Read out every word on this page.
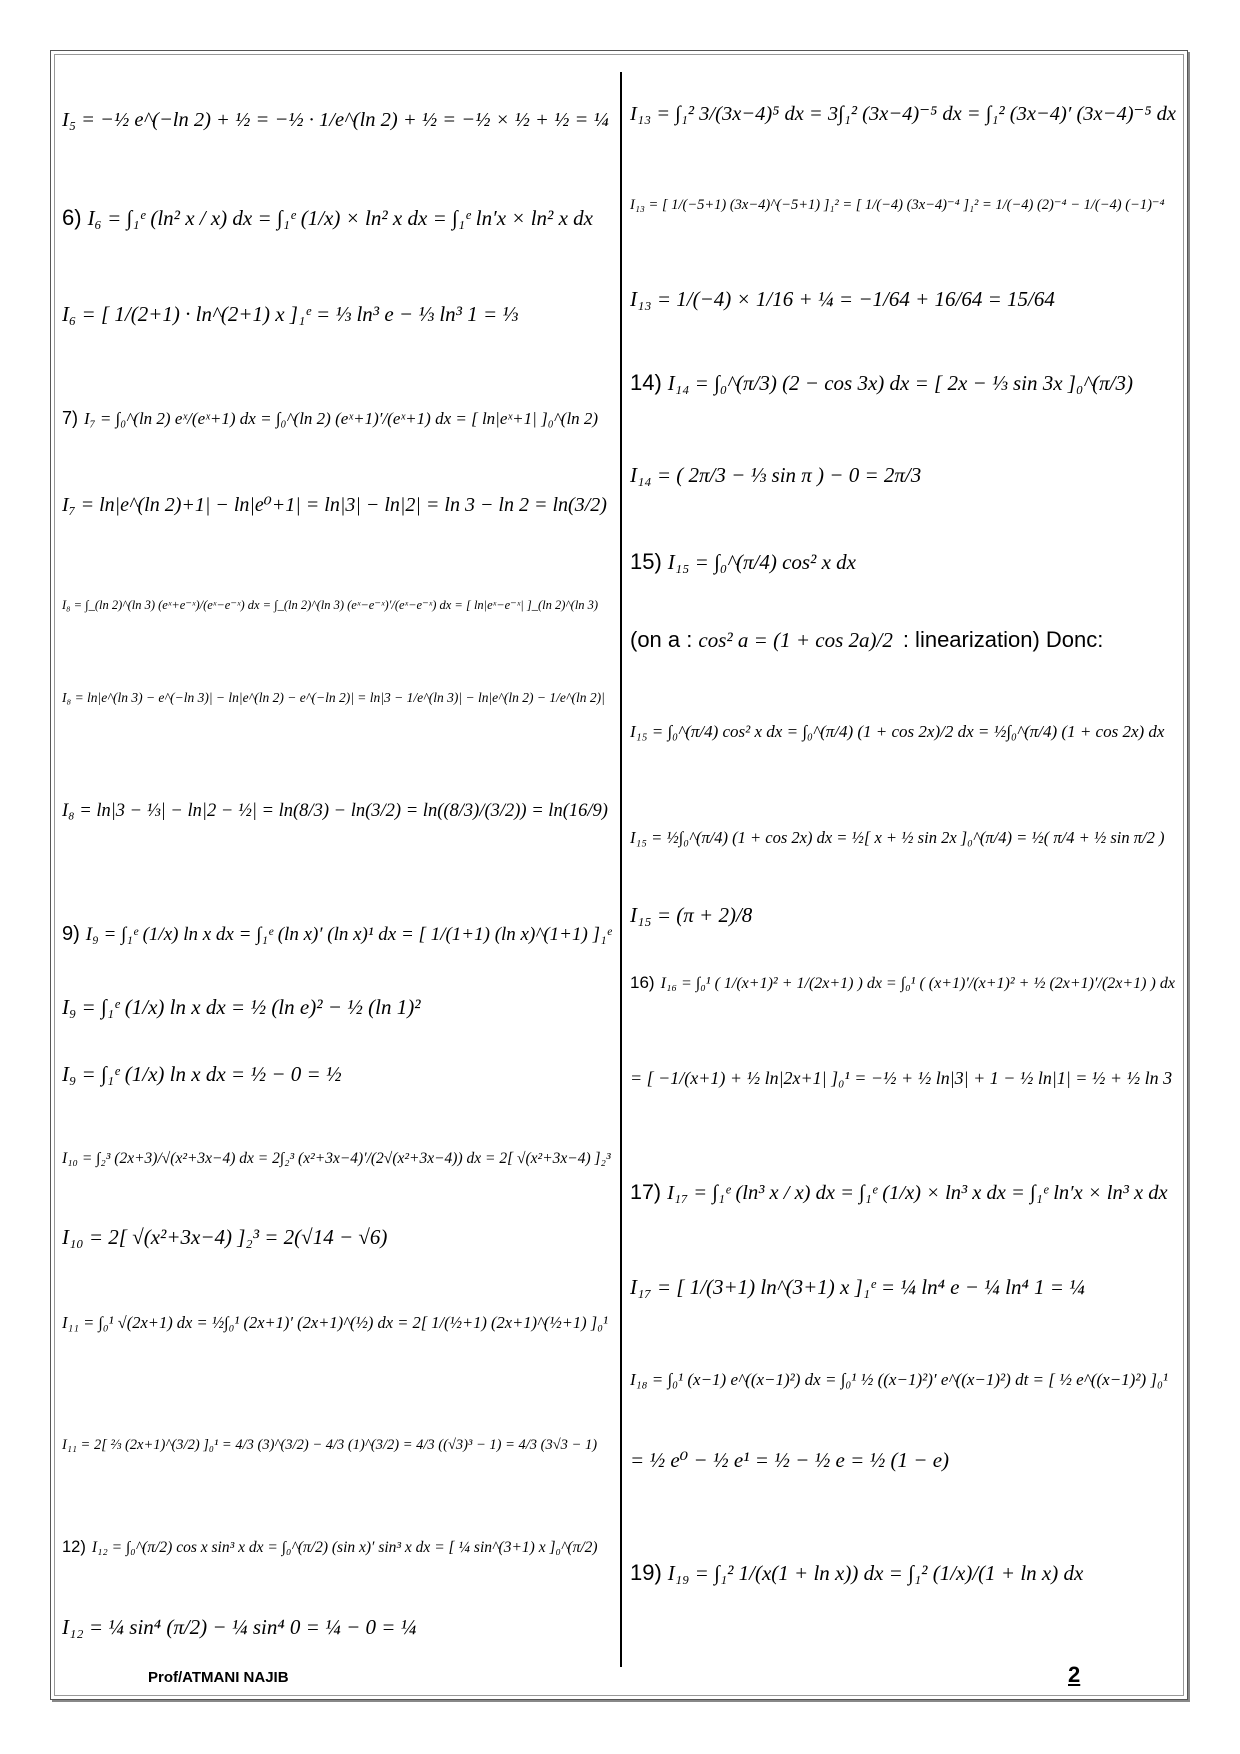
I₅ = −½ e^(−ln 2) + ½ = −½ · 1/e^(ln 2) + ½ = −½ × ½ + ½ = ¼
6) I₆ = ∫₁ᵉ (ln² x / x) dx = ∫₁ᵉ (1/x) × ln² x dx = ∫₁ᵉ ln′x × ln² x dx
I₆ = [ 1/(2+1) · ln^(2+1) x ]₁ᵉ = ⅓ ln³ e − ⅓ ln³ 1 = ⅓
7) I₇ = ∫₀^(ln 2) eˣ/(eˣ+1) dx = ∫₀^(ln 2) (eˣ+1)′/(eˣ+1) dx = [ ln|eˣ+1| ]₀^(ln 2)
I₇ = ln|e^(ln 2)+1| − ln|e⁰+1| = ln|3| − ln|2| = ln 3 − ln 2 = ln(3/2)
I₈ = ∫_(ln 2)^(ln 3) (eˣ+e⁻ˣ)/(eˣ−e⁻ˣ) dx = ∫_(ln 2)^(ln 3) (eˣ−e⁻ˣ)′/(eˣ−e⁻ˣ) dx = [ ln|eˣ−e⁻ˣ| ]_(ln 2)^(ln 3)
I₈ = ln|e^(ln 3) − e^(−ln 3)| − ln|e^(ln 2) − e^(−ln 2)| = ln|3 − 1/e^(ln 3)| − ln|e^(ln 2) − 1/e^(ln 2)|
I₈ = ln|3 − ⅓| − ln|2 − ½| = ln(8/3) − ln(3/2) = ln((8/3)/(3/2)) = ln(16/9)
9) I₉ = ∫₁ᵉ (1/x) ln x dx = ∫₁ᵉ (ln x)′ (ln x)¹ dx = [ 1/(1+1) (ln x)^(1+1) ]₁ᵉ
I₉ = ∫₁ᵉ (1/x) ln x dx = ½ (ln e)² − ½ (ln 1)²
I₉ = ∫₁ᵉ (1/x) ln x dx = ½ − 0 = ½
I₁₀ = ∫₂³ (2x+3)/√(x²+3x−4) dx = 2∫₂³ (x²+3x−4)′/(2√(x²+3x−4)) dx = 2[ √(x²+3x−4) ]₂³
I₁₀ = 2[ √(x²+3x−4) ]₂³ = 2(√14 − √6)
I₁₁ = ∫₀¹ √(2x+1) dx = ½∫₀¹ (2x+1)′ (2x+1)^(½) dx = 2[ 1/(½+1) (2x+1)^(½+1) ]₀¹
I₁₁ = 2[ ⅔ (2x+1)^(3/2) ]₀¹ = 4/3 (3)^(3/2) − 4/3 (1)^(3/2) = 4/3 ((√3)³ − 1) = 4/3 (3√3 − 1)
12) I₁₂ = ∫₀^(π/2) cos x sin³ x dx = ∫₀^(π/2) (sin x)′ sin³ x dx = [ ¼ sin^(3+1) x ]₀^(π/2)
I₁₂ = ¼ sin⁴ (π/2) − ¼ sin⁴ 0 = ¼ − 0 = ¼
I₁₃ = ∫₁² 3/(3x−4)⁵ dx = 3∫₁² (3x−4)⁻⁵ dx = ∫₁² (3x−4)′ (3x−4)⁻⁵ dx
I₁₃ = [ 1/(−5+1) (3x−4)^(−5+1) ]₁² = [ 1/(−4) (3x−4)⁻⁴ ]₁² = 1/(−4) (2)⁻⁴ − 1/(−4) (−1)⁻⁴
I₁₃ = 1/(−4) × 1/16 + ¼ = −1/64 + 16/64 = 15/64
14) I₁₄ = ∫₀^(π/3) (2 − cos 3x) dx = [ 2x − ⅓ sin 3x ]₀^(π/3)
I₁₄ = ( 2π/3 − ⅓ sin π ) − 0 = 2π/3
15) I₁₅ = ∫₀^(π/4) cos² x dx
(on a : cos² a = (1 + cos 2a)/2 : linearization) Donc:
I₁₅ = ∫₀^(π/4) cos² x dx = ∫₀^(π/4) (1 + cos 2x)/2 dx = ½∫₀^(π/4) (1 + cos 2x) dx
I₁₅ = ½∫₀^(π/4) (1 + cos 2x) dx = ½[ x + ½ sin 2x ]₀^(π/4) = ½( π/4 + ½ sin π/2 )
I₁₅ = (π + 2)/8
16) I₁₆ = ∫₀¹ ( 1/(x+1)² + 1/(2x+1) ) dx = ∫₀¹ ( (x+1)′/(x+1)² + ½ (2x+1)′/(2x+1) ) dx
= [ −1/(x+1) + ½ ln|2x+1| ]₀¹ = −½ + ½ ln|3| + 1 − ½ ln|1| = ½ + ½ ln 3
17) I₁₇ = ∫₁ᵉ (ln³ x / x) dx = ∫₁ᵉ (1/x) × ln³ x dx = ∫₁ᵉ ln′x × ln³ x dx
I₁₇ = [ 1/(3+1) ln^(3+1) x ]₁ᵉ = ¼ ln⁴ e − ¼ ln⁴ 1 = ¼
I₁₈ = ∫₀¹ (x−1) e^((x−1)²) dx = ∫₀¹ ½ ((x−1)²)′ e^((x−1)²) dt = [ ½ e^((x−1)²) ]₀¹
= ½ e⁰ − ½ e¹ = ½ − ½ e = ½ (1 − e)
19) I₁₉ = ∫₁² 1/(x(1 + ln x)) dx = ∫₁² (1/x)/(1 + ln x) dx
Prof/ATMANI NAJIB	2
